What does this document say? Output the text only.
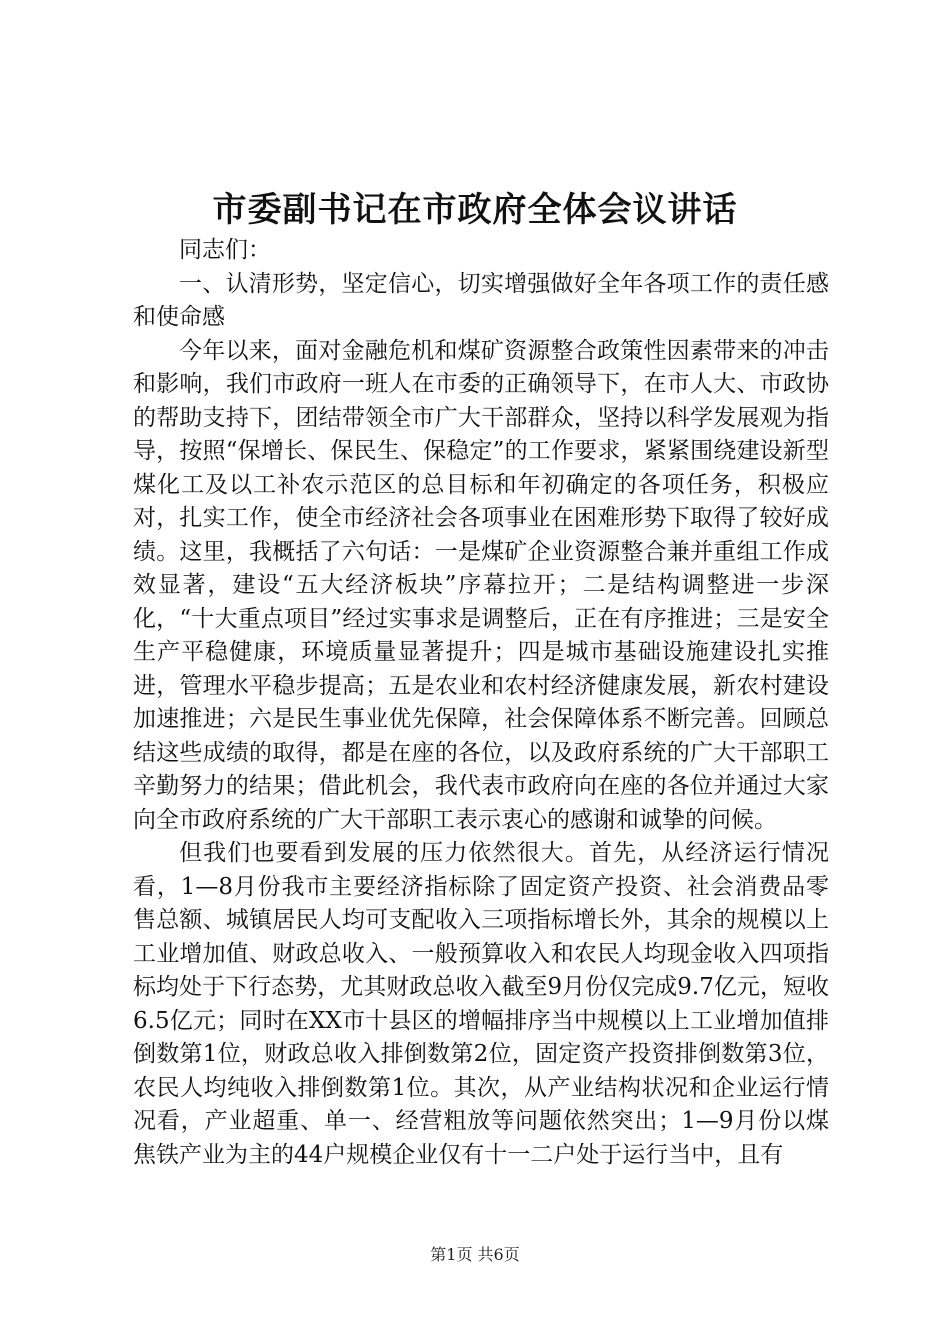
市委副书记在市政府全体会议讲话

同志们：

一、认清形势，坚定信心，切实增强做好全年各项工作的责任感和使命感

今年以来，面对金融危机和煤矿资源整合政策性因素带来的冲击和影响，我们市政府一班人在市委的正确领导下，在市人大、市政协的帮助支持下，团结带领全市广大干部群众，坚持以科学发展观为指导，按照“保增长、保民生、保稳定”的工作要求，紧紧围绕建设新型煤化工及以工补农示范区的总目标和年初确定的各项任务，积极应对，扎实工作，使全市经济社会各项事业在困难形势下取得了较好成绩。这里，我概括了六句话：一是煤矿企业资源整合兼并重组工作成效显著，建设“五大经济板块”序幕拉开；二是结构调整进一步深化，“十大重点项目”经过实事求是调整后，正在有序推进；三是安全生产平稳健康，环境质量显著提升；四是城市基础设施建设扎实推进，管理水平稳步提高；五是农业和农村经济健康发展，新农村建设加速推进；六是民生事业优先保障，社会保障体系不断完善。回顾总结这些成绩的取得，都是在座的各位，以及政府系统的广大干部职工辛勤努力的结果；借此机会，我代表市政府向在座的各位并通过大家向全市政府系统的广大干部职工表示衷心的感谢和诚挚的问候。

但我们也要看到发展的压力依然很大。首先，从经济运行情况看，1—8月份我市主要经济指标除了固定资产投资、社会消费品零售总额、城镇居民人均可支配收入三项指标增长外，其余的规模以上工业增加值、财政总收入、一般预算收入和农民人均现金收入四项指标均处于下行态势，尤其财政总收入截至9月份仅完成9.7亿元，短收6.5亿元；同时在XX市十县区的增幅排序当中规模以上工业增加值排倒数第1位，财政总收入排倒数第2位，固定资产投资排倒数第3位，农民人均纯收入排倒数第1位。其次，从产业结构状况和企业运行情况看，产业超重、单一、经营粗放等问题依然突出；1—9月份以煤焦铁产业为主的44户规模企业仅有十一二户处于运行当中，且有

第1页 共6页
